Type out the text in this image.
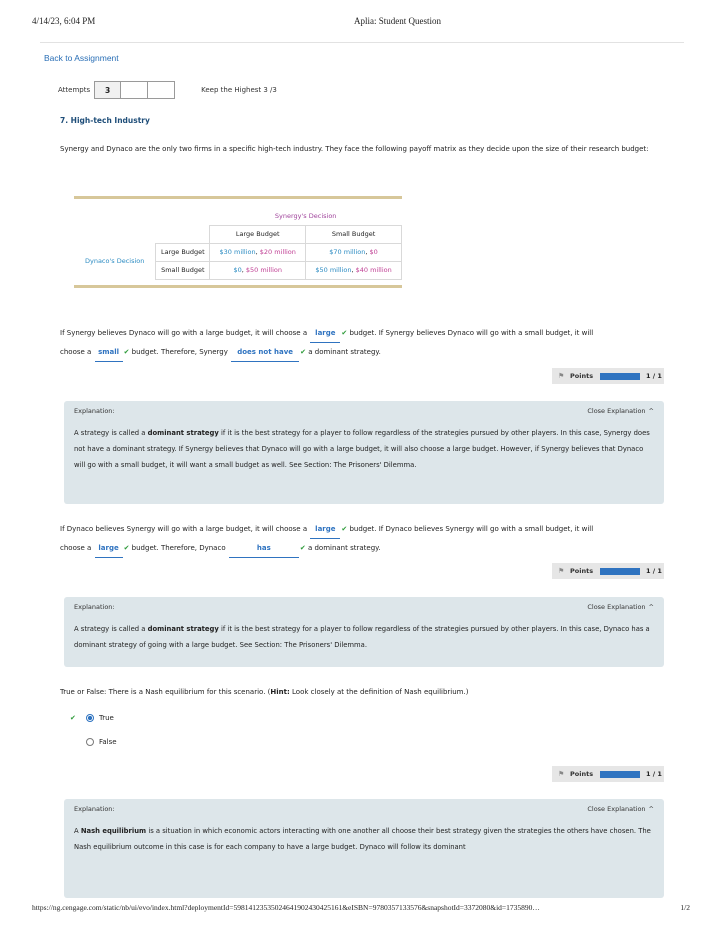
4/14/23, 6:04 PM	Aplia: Student Question
Back to Assignment
Attempts	3	Keep the Highest 3 /3
7. High-tech Industry
Synergy and Dynaco are the only two firms in a specific high-tech industry. They face the following payoff matrix as they decide upon the size of their research budget:
		Synergy's Decision	
		Large Budget	Small Budget
Dynaco's Decision	Large Budget	$30 million, $20 million	$70 million, $0
	Small Budget	$0, $50 million	$50 million, $40 million
If Synergy believes Dynaco will go with a large budget, it will choose a large ✔ budget. If Synergy believes Dynaco will go with a small budget, it will
choose a small ✔ budget. Therefore, Synergy does not have ✔ a dominant strategy.
⚑ Points	1 / 1
Explanation:	Close Explanation ^
A strategy is called a dominant strategy if it is the best strategy for a player to follow regardless of the strategies pursued by other players. In this case, Synergy does not have a dominant strategy. If Synergy believes that Dynaco will go with a large budget, it will also choose a large budget. However, if Synergy believes that Dynaco will go with a small budget, it will want a small budget as well. See Section: The Prisoners' Dilemma.
If Dynaco believes Synergy will go with a large budget, it will choose a large ✔ budget. If Dynaco believes Synergy will go with a small budget, it will
choose a large ✔ budget. Therefore, Dynaco	has	✔ a dominant strategy.
⚑ Points	1 / 1
Explanation:	Close Explanation ^
A strategy is called a dominant strategy if it is the best strategy for a player to follow regardless of the strategies pursued by other players. In this case, Dynaco has a dominant strategy of going with a large budget. See Section: The Prisoners' Dilemma.
True or False: There is a Nash equilibrium for this scenario. (Hint: Look closely at the definition of Nash equilibrium.)
✔	True
False
⚑ Points	1 / 1
Explanation:	Close Explanation ^
A Nash equilibrium is a situation in which economic actors interacting with one another all choose their best strategy given the strategies the others have chosen. The Nash equilibrium outcome in this case is for each company to have a large budget. Dynaco will follow its dominant
https://ng.cengage.com/static/nb/ui/evo/index.html?deploymentId=59814123535024641902430425161&eISBN=9780357133576&snapshotId=3372080&id=1735890…	1/2
